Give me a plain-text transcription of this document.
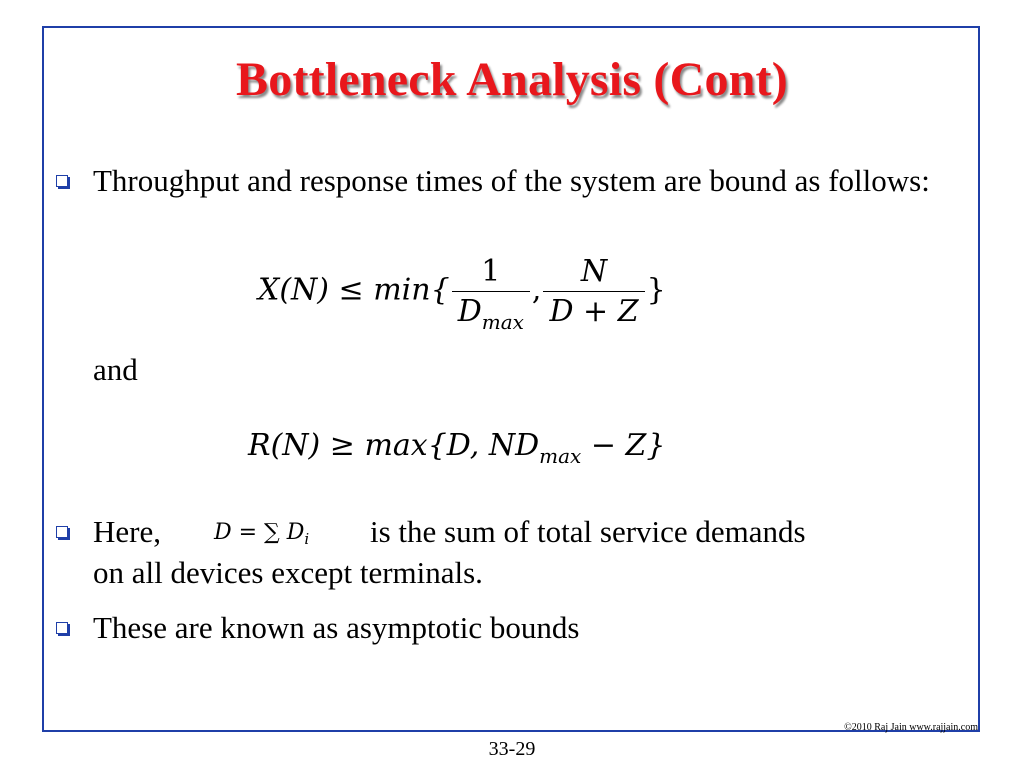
Bottleneck Analysis (Cont)
Throughput and response times of the system are bound as follows:
$X(N) \le \min\{ \frac{1}{D_{max}}$ , $\frac{N}{D + Z}$ }
and
R(N) ≥ max{D, $ND_{max} - Z$}
Here,	is the sum of total service demands
on all devices except terminals.
D = ∑ $D_i$
These are known as asymptotic bounds
©2010 Raj Jain www.rajjain.com
33-29
